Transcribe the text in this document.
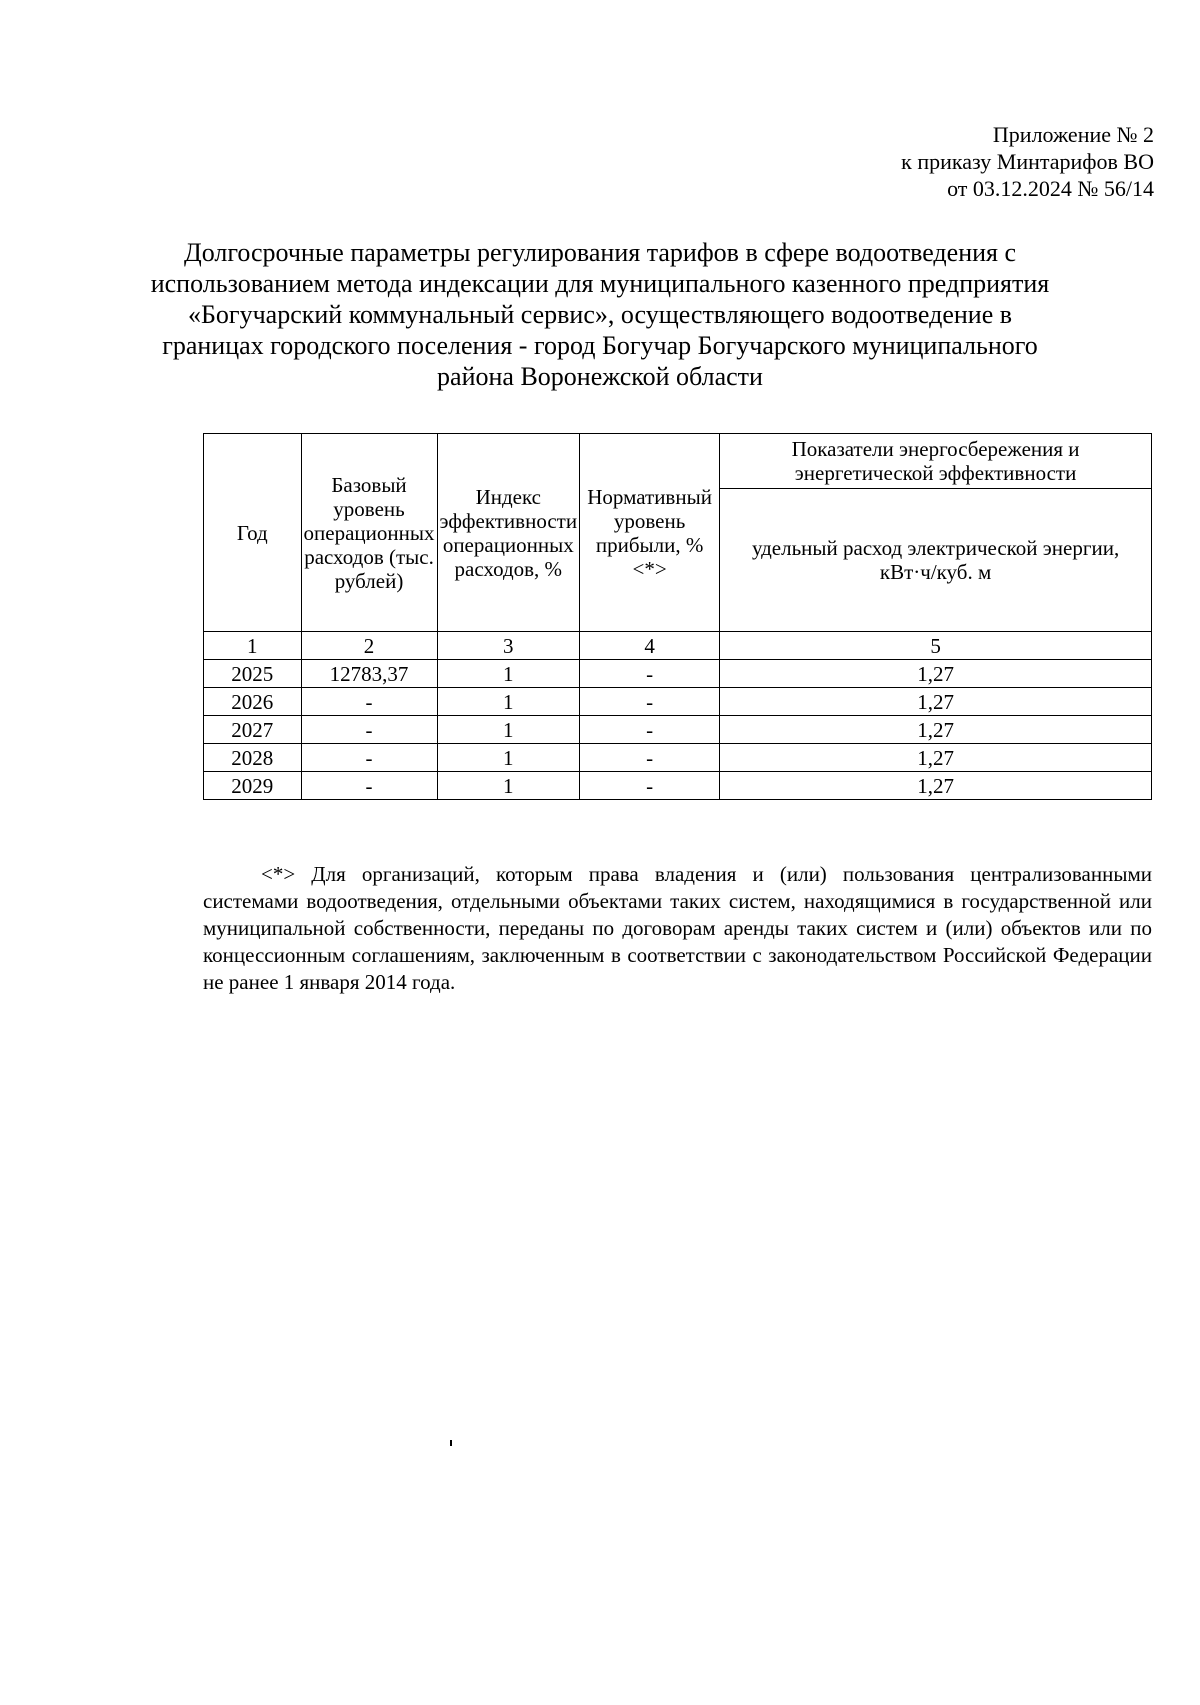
Приложение № 2
к приказу Минтарифов ВО
от 03.12.2024 № 56/14
Долгосрочные параметры регулирования тарифов в сфере водоотведения с использованием метода индексации для муниципального казенного предприятия «Богучарский коммунальный сервис», осуществляющего водоотведение в границах городского поселения - город Богучар Богучарского муниципального района Воронежской области
Год	Базовый уровень операционных расходов (тыс. рублей)	Индекс эффективности операционных расходов, %	Нормативный уровень прибыли, % <*>	Показатели энергосбережения и энергетической эффективности
				удельный расход электрической энергии, кВт·ч/куб. м
1	2	3	4	5
2025	12783,37	1	-	1,27
2026	-	1	-	1,27
2027	-	1	-	1,27
2028	-	1	-	1,27
2029	-	1	-	1,27

<*> Для организаций, которым права владения и (или) пользования централизованными системами водоотведения, отдельными объектами таких систем, находящимися в государственной или муниципальной собственности, переданы по договорам аренды таких систем и (или) объектов или по концессионным соглашениям, заключенным в соответствии с законодательством Российской Федерации не ранее 1 января 2014 года.
